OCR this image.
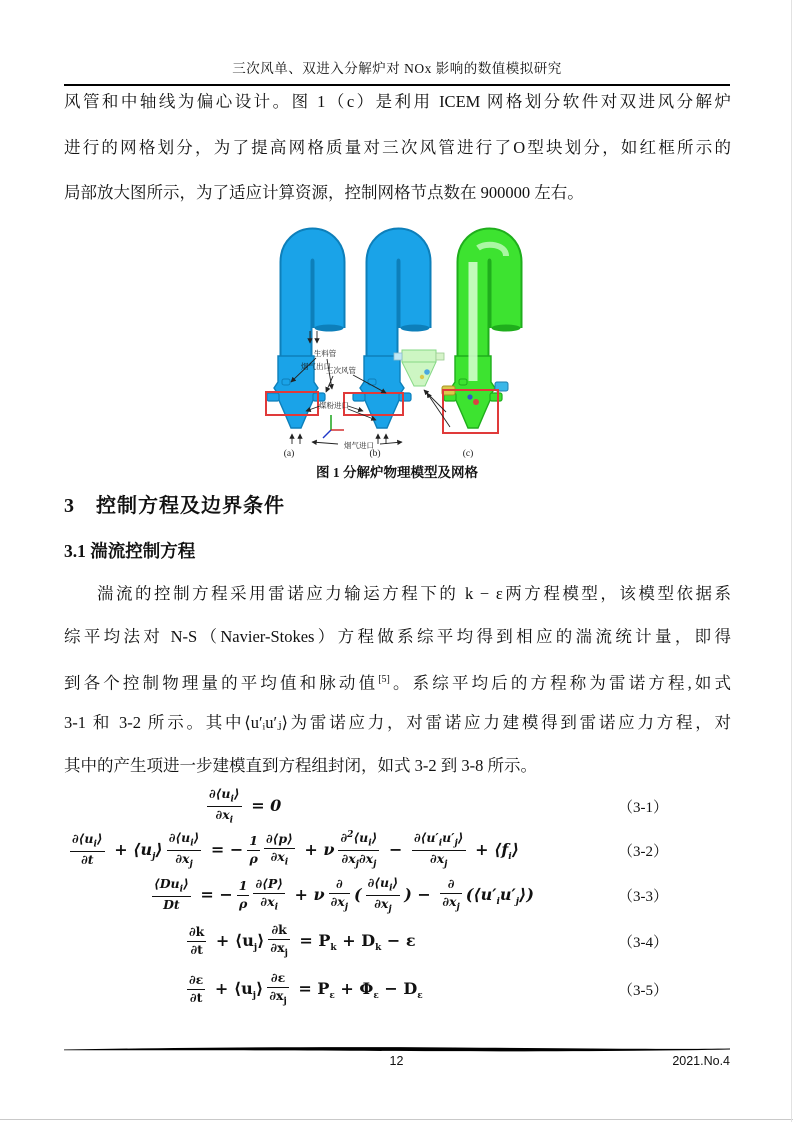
三次风单、双进入分解炉对 NOx 影响的数值模拟研究
风管和中轴线为偏心设计。图 1（c）是利用 ICEM 网格划分软件对双进风分解炉
进行的网格划分，为了提高网格质量对三次风管进行了O型块划分，如红框所示的
局部放大图所示，为了适应计算资源，控制网格节点数在 900000 左右。
烟气出口
生料管
三次风管
煤粉进口
烟气进口
(a)	(b)	(c)
图 1 分解炉物理模型及网格
3　控制方程及边界条件
3.1 湍流控制方程
湍流的控制方程采用雷诺应力输运方程下的 k − ε两方程模型，该模型依据系
综平均法对 N-S（Navier-Stokes）方程做系综平均得到相应的湍流统计量，即得
到各个控制物理量的平均值和脉动值[5]。系综平均后的方程称为雷诺方程,如式
3-1 和 3-2 所示。其中⟨u′ᵢu′ⱼ⟩为雷诺应力，对雷诺应力建模得到雷诺应力方程，对
其中的产生项进一步建模直到方程组封闭，如式 3-2 到 3-8 所示。
$\frac{\partial⟨u_i⟩}{\partial x_i} = 0$	（3-1）
$\frac{\partial⟨u_i⟩}{\partial t}$ + $⟨u_j⟩ \frac{\partial⟨u_i⟩}{\partial x_j}$ = − $\frac{1}{\rho} \frac{\partial⟨p⟩}{\partial x_i} + \nu \frac{\partial^2⟨u_i⟩}{\partial x_j\partial x_j} - \frac{\partial⟨u'_iu'_j⟩}{\partial x_j}$ + $⟨f_i⟩$	（3-2）
$\frac{⟨Du_i⟩}{Dt}$ = − $\frac{1}{\rho} \frac{\partial⟨P⟩}{\partial x_i} + \nu \frac{\partial}{\partial x_j}$ ( $\frac{\partial⟨u_i⟩}{\partial x_j}$ ) − $\frac{\partial}{\partial x_j}$ $(⟨u'_iu'_j⟩)$	（3-3）
$\frac{\partial k}{\partial t}$ + $⟨u_j⟩ \frac{\partial k}{\partial x_j} = P_k + D_k - \varepsilon$	（3-4）
$\frac{\partial\varepsilon}{\partial t}$ + $⟨u_j⟩ \frac{\partial\varepsilon}{\partial x_j} = P_\varepsilon + \Phi_\varepsilon - D_\varepsilon$	（3-5）
12	2021.No.4
